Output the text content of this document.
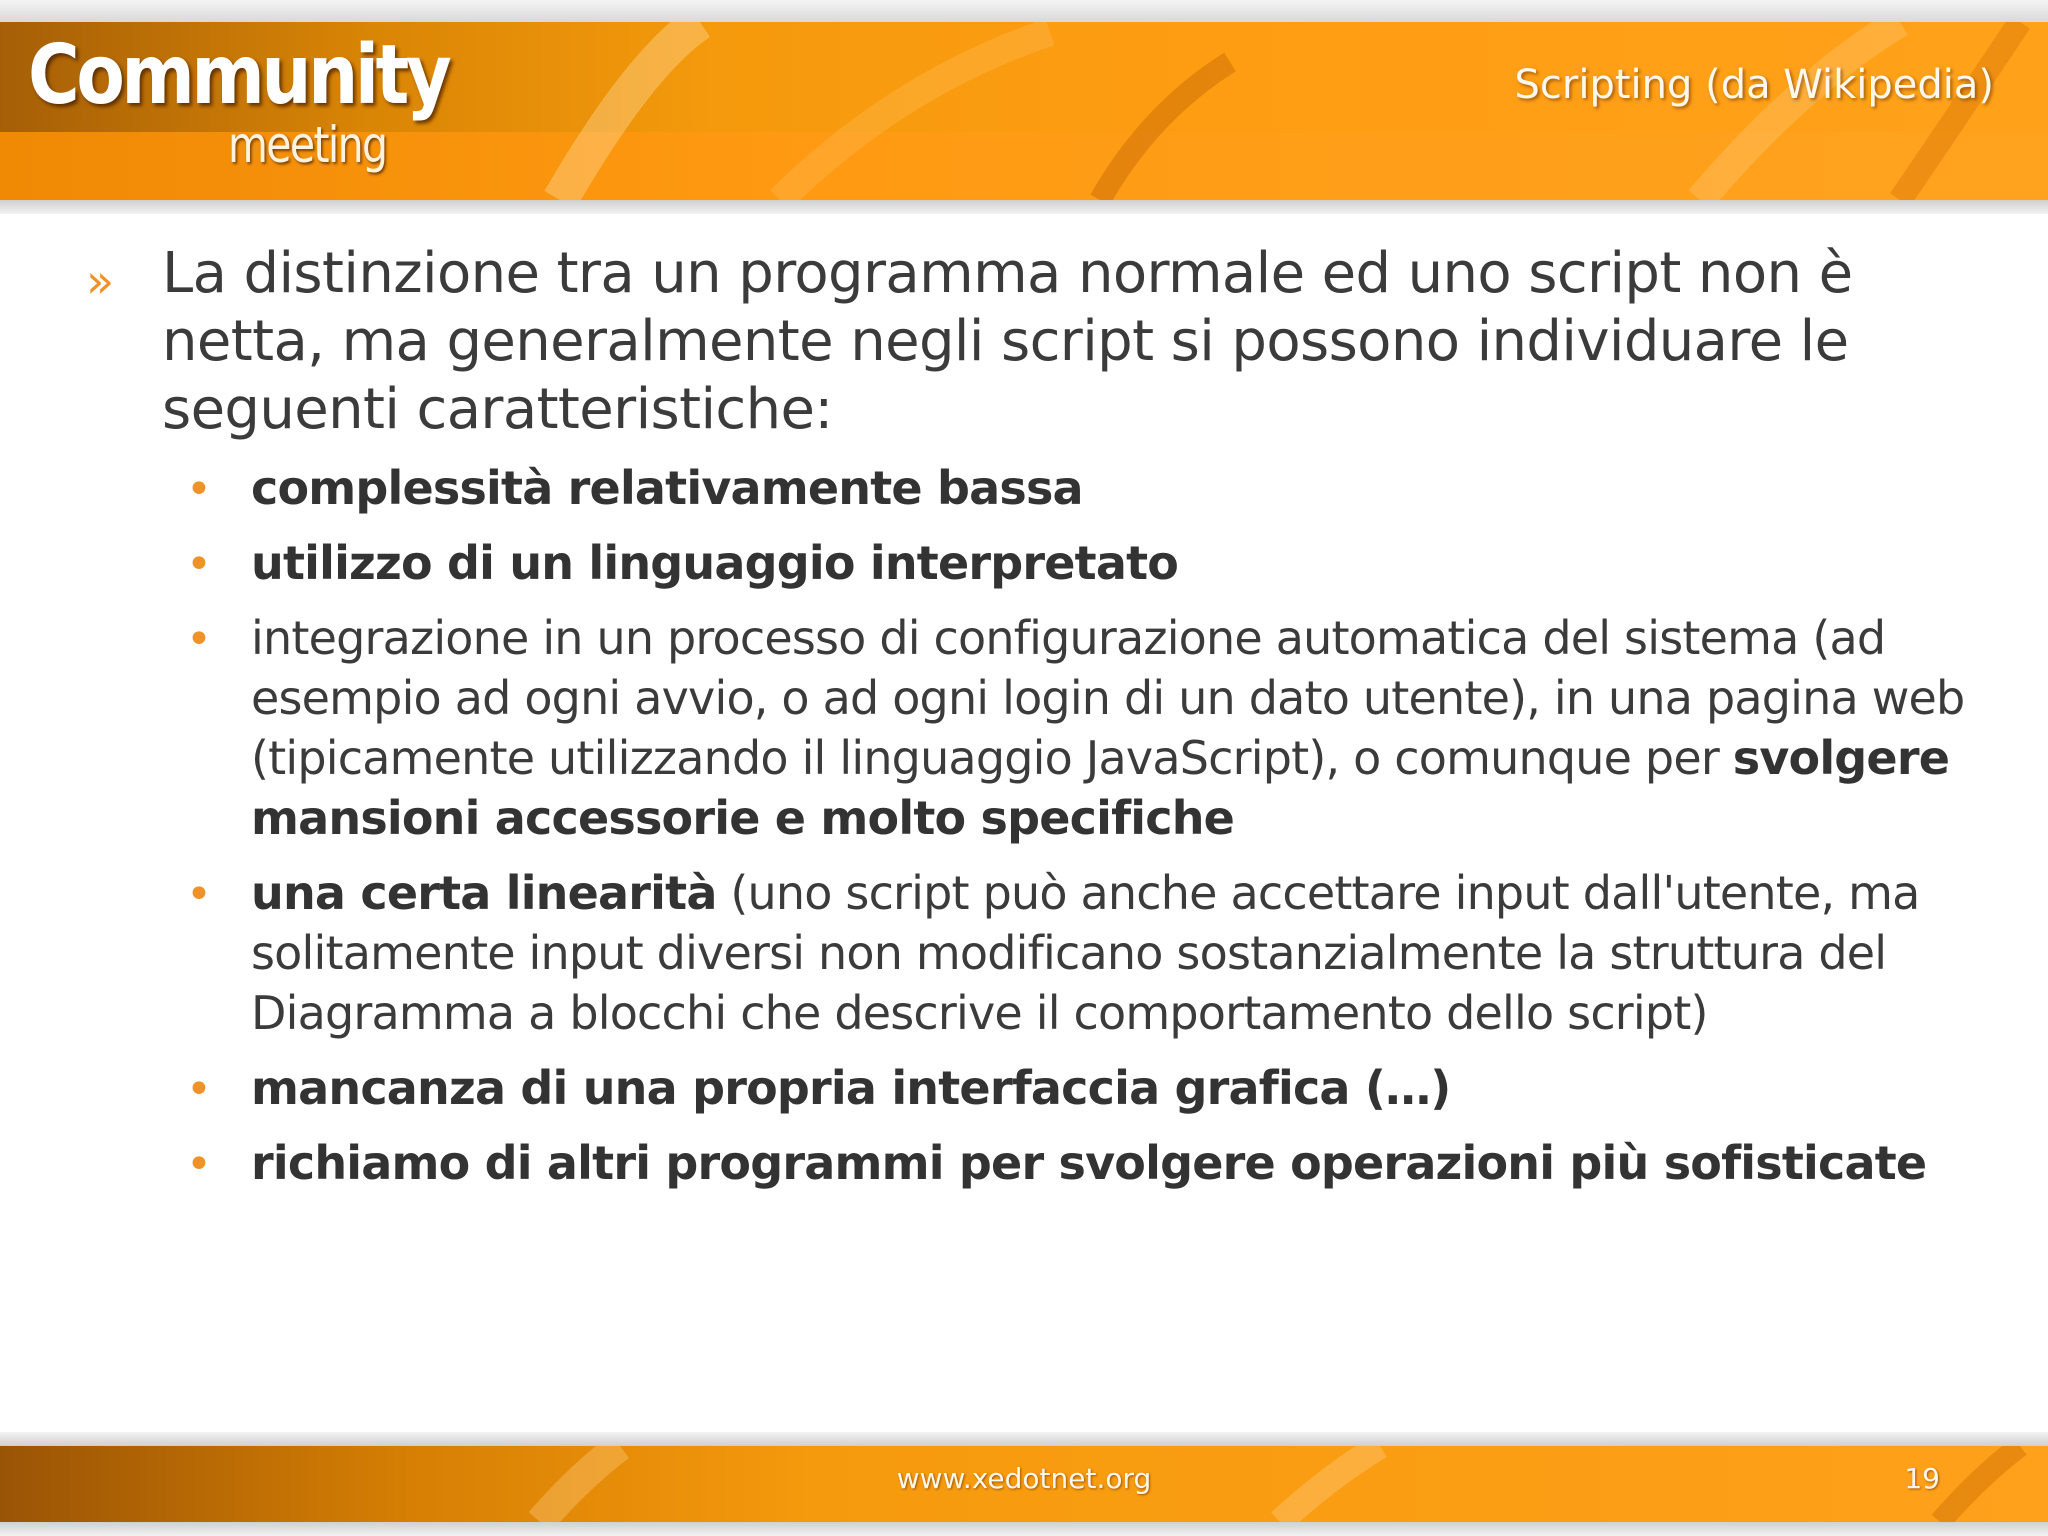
Community
meeting
Scripting (da Wikipedia)
» La distinzione tra un programma normale ed uno script non è netta, ma generalmente negli script si possono individuare le seguenti caratteristiche:
• complessità relativamente bassa
• utilizzo di un linguaggio interpretato
• integrazione in un processo di configurazione automatica del sistema (ad esempio ad ogni avvio, o ad ogni login di un dato utente), in una pagina web (tipicamente utilizzando il linguaggio JavaScript), o comunque per svolgere mansioni accessorie e molto specifiche
• una certa linearità (uno script può anche accettare input dall'utente, ma solitamente input diversi non modificano sostanzialmente la struttura del Diagramma a blocchi che descrive il comportamento dello script)
• mancanza di una propria interfaccia grafica (…)
• richiamo di altri programmi per svolgere operazioni più sofisticate
www.xedotnet.org	19
